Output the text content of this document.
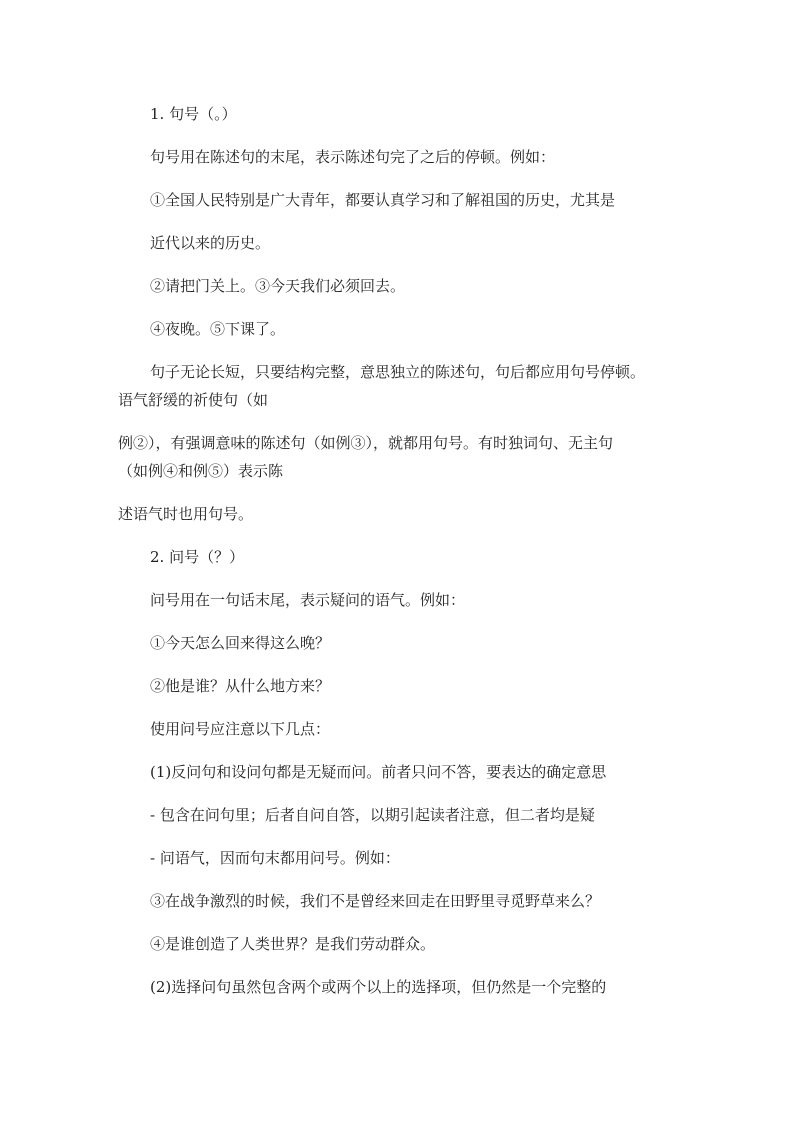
1. 句号（。）
句号用在陈述句的末尾，表示陈述句完了之后的停顿。例如：
①全国人民特别是广大青年，都要认真学习和了解祖国的历史，尤其是
近代以来的历史。
②请把门关上。③今天我们必须回去。
④夜晚。⑤下课了。
句子无论长短，只要结构完整，意思独立的陈述句，句后都应用句号停顿。
语气舒缓的祈使句（如
例②），有强调意味的陈述句（如例③），就都用句号。有时独词句、无主句
（如例④和例⑤）表示陈
述语气时也用句号。
2. 问号（？）
问号用在一句话末尾，表示疑问的语气。例如：
①今天怎么回来得这么晚？
②他是谁？从什么地方来？
使用问号应注意以下几点：
(1)反问句和设问句都是无疑而问。前者只问不答，要表达的确定意思
- 包含在问句里；后者自问自答，以期引起读者注意，但二者均是疑
- 问语气，因而句末都用问号。例如：
③在战争激烈的时候，我们不是曾经来回走在田野里寻觅野草来么？
④是谁创造了人类世界？是我们劳动群众。
(2)选择问句虽然包含两个或两个以上的选择项，但仍然是一个完整的
